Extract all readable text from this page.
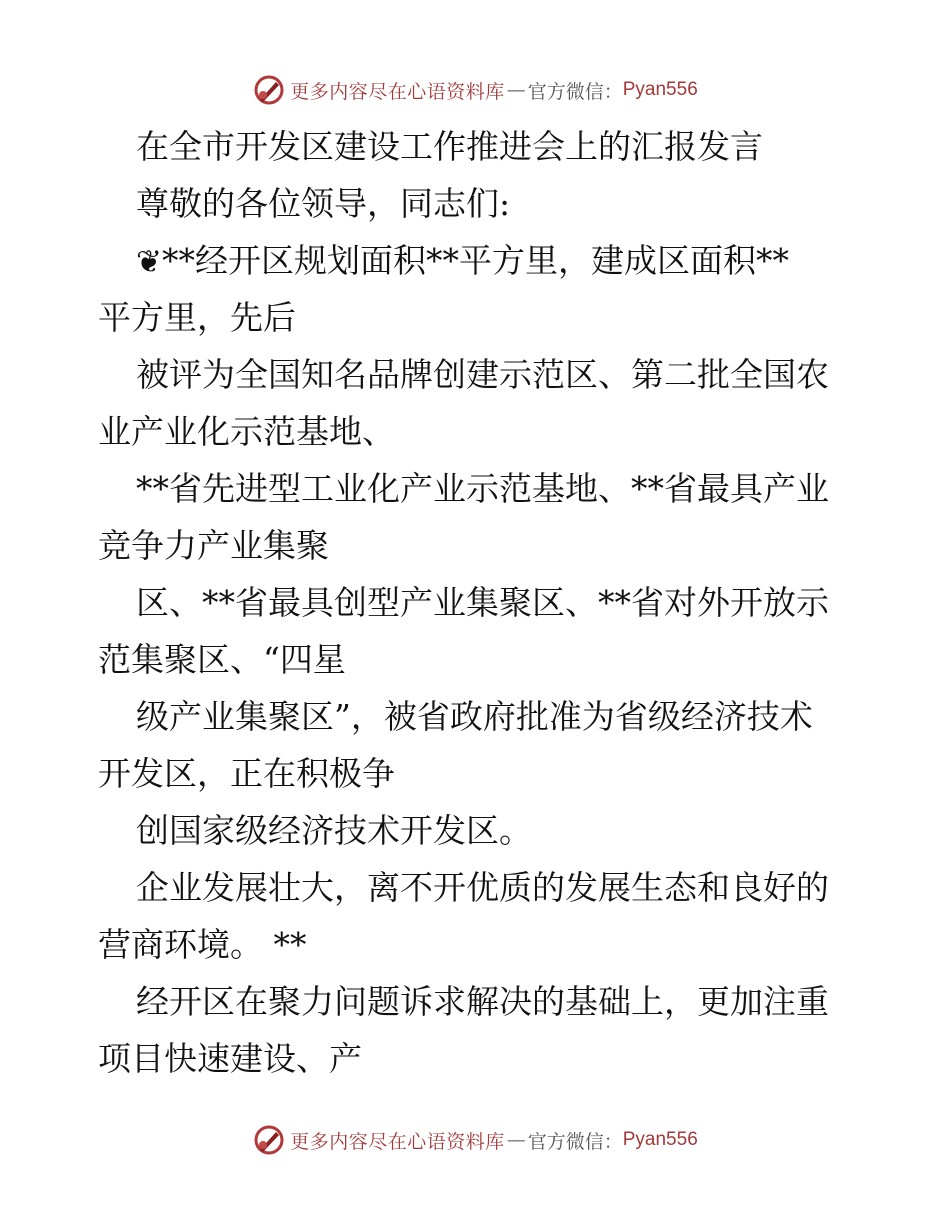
更多内容尽在心语资料库 — 官方微信： Pyan556
在全市开发区建设工作推进会上的汇报发言
尊敬的各位领导，同志们:
❦**经开区规划面积**平方里，建成区面积**
平方里，先后
被评为全国知名品牌创建示范区、第二批全国农
业产业化示范基地、
**省先进型工业化产业示范基地、**省最具产业
竞争力产业集聚
区、**省最具创型产业集聚区、**省对外开放示
范集聚区、“四星
级产业集聚区”，被省政府批准为省级经济技术
开发区，正在积极争
创国家级经济技术开发区。
企业发展壮大，离不开优质的发展生态和良好的
营商环境。 **
经开区在聚力问题诉求解决的基础上，更加注重
项目快速建设、产
更多内容尽在心语资料库 — 官方微信： Pyan556
